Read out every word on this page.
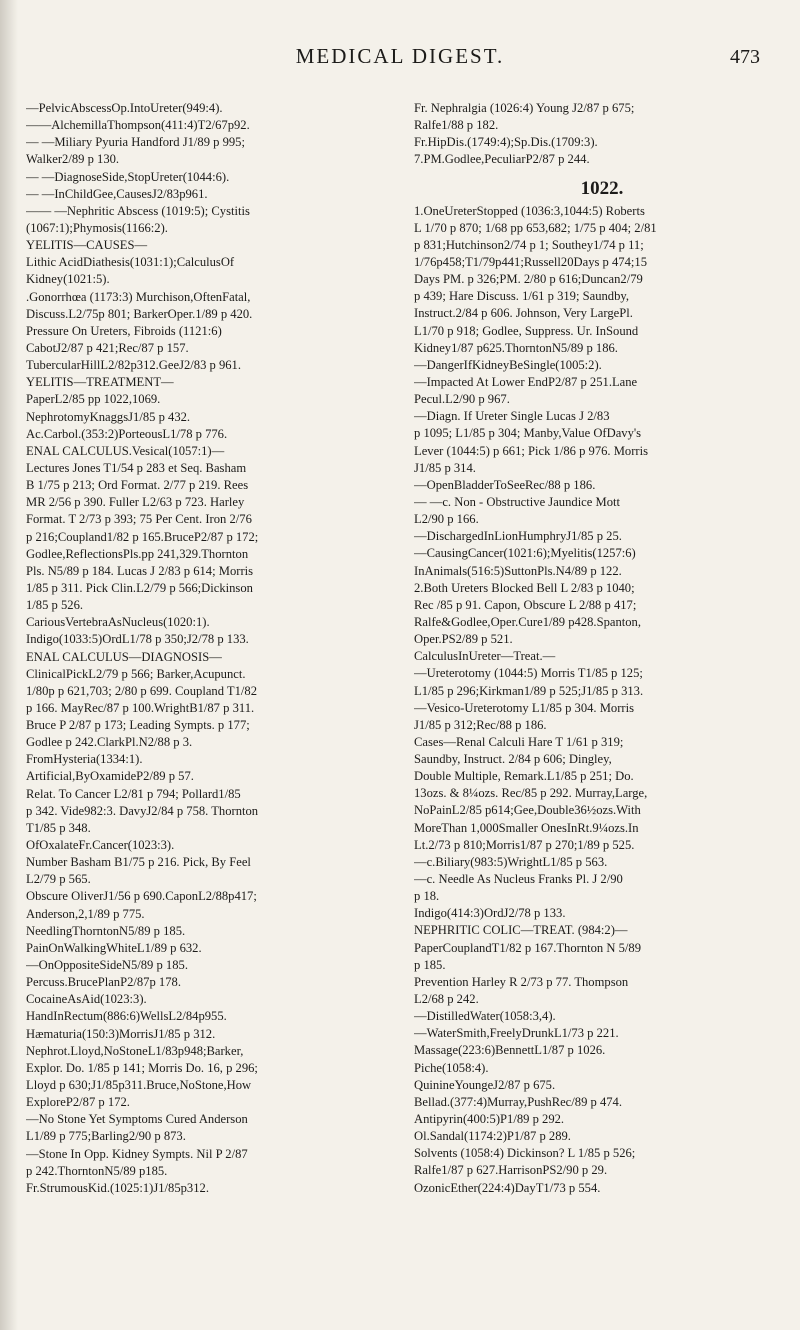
MEDICAL DIGEST.	473
—PelvicAbscessOp.IntoUreter(949:4).
——AlchemillaThompson(411:4)T2/67p92.
— —Miliary Pyuria Handford J1/89 p 995;
Walker2/89 p 130.
— —DiagnoseSide,StopUreter(1044:6).
— —InChildGee,CausesJ2/83p961.
—— —Nephritic Abscess (1019:5); Cystitis
(1067:1);Phymosis(1166:2).
YELITIS—CAUSES—
Lithic AcidDiathesis(1031:1);CalculusOf
Kidney(1021:5).
.Gonorrhœa (1173:3) Murchison,OftenFatal,
Discuss.L2/75p 801; BarkerOper.1/89 p 420.
Pressure On Ureters, Fibroids (1121:6)
CabotJ2/87 p 421;Rec/87 p 157.
TubercularHillL2/82p312.GeeJ2/83 p 961.
YELITIS—TREATMENT—
PaperL2/85 pp 1022,1069.
NephrotomyKnaggsJ1/85 p 432.
Ac.Carbol.(353:2)PorteousL1/78 p 776.
ENAL CALCULUS.Vesical(1057:1)—
Lectures Jones T1/54 p 283 et Seq. Basham
B 1/75 p 213; Ord Format. 2/77 p 219. Rees
MR 2/56 p 390. Fuller L2/63 p 723. Harley
Format. T 2/73 p 393; 75 Per Cent. Iron 2/76
p 216;Coupland1/82 p 165.BruceP2/87 p 172;
Godlee,ReflectionsPls.pp 241,329.Thornton
Pls. N5/89 p 184. Lucas J 2/83 p 614; Morris
1/85 p 311. Pick Clin.L2/79 p 566;Dickinson
1/85 p 526.
CariousVertebraAsNucleus(1020:1).
Indigo(1033:5)OrdL1/78 p 350;J2/78 p 133.
ENAL CALCULUS—DIAGNOSIS—
ClinicalPickL2/79 p 566; Barker,Acupunct.
1/80p p 621,703; 2/80 p 699. Coupland T1/82
p 166. MayRec/87 p 100.WrightB1/87 p 311.
Bruce P 2/87 p 173; Leading Sympts. p 177;
Godlee p 242.ClarkPl.N2/88 p 3.
FromHysteria(1334:1).
Artificial,ByOxamideP2/89 p 57.
Relat. To Cancer L2/81 p 794; Pollard1/85
p 342. Vide982:3. DavyJ2/84 p 758. Thornton
T1/85 p 348.
OfOxalateFr.Cancer(1023:3).
Number Basham B1/75 p 216. Pick, By Feel
L2/79 p 565.
Obscure OliverJ1/56 p 690.CaponL2/88p417;
Anderson,2,1/89 p 775.
NeedlingThorntonN5/89 p 185.
PainOnWalkingWhiteL1/89 p 632.
—OnOppositeSideN5/89 p 185.
Percuss.BrucePlanP2/87p 178.
CocaineAsAid(1023:3).
HandInRectum(886:6)WellsL2/84p955.
Hæmaturia(150:3)MorrisJ1/85 p 312.
Nephrot.Lloyd,NoStoneL1/83p948;Barker,
Explor. Do. 1/85 p 141; Morris Do. 16, p 296;
Lloyd p 630;J1/85p311.Bruce,NoStone,How
ExploreP2/87 p 172.
—No Stone Yet Symptoms Cured Anderson
L1/89 p 775;Barling2/90 p 873.
—Stone In Opp. Kidney Sympts. Nil P 2/87
p 242.ThorntonN5/89 p185.
Fr.StrumousKid.(1025:1)J1/85p312.
Fr. Nephralgia (1026:4) Young J2/87 p 675;
Ralfe1/88 p 182.
Fr.HipDis.(1749:4);Sp.Dis.(1709:3).
7.PM.Godlee,PeculiarP2/87 p 244.
1022.
1.OneUreterStopped (1036:3,1044:5) Roberts
L 1/70 p 870; 1/68 pp 653,682; 1/75 p 404; 2/81
p 831;Hutchinson2/74 p 1; Southey1/74 p 11;
1/76p458;T1/79p441;Russell20Days p 474;15
Days PM. p 326;PM. 2/80 p 616;Duncan2/79
p 439; Hare Discuss. 1/61 p 319; Saundby,
Instruct.2/84 p 606. Johnson, Very LargePl.
L1/70 p 918; Godlee, Suppress. Ur. InSound
Kidney1/87 p625.ThorntonN5/89 p 186.
—DangerIfKidneyBeSingle(1005:2).
—Impacted At Lower EndP2/87 p 251.Lane
Pecul.L2/90 p 967.
—Diagn. If Ureter Single Lucas J 2/83
p 1095; L1/85 p 304; Manby,Value OfDavy's
Lever (1044:5) p 661; Pick 1/86 p 976. Morris
J1/85 p 314.
—OpenBladderToSeeRec/88 p 186.
— —c. Non - Obstructive Jaundice Mott
L2/90 p 166.
—DischargedInLionHumphryJ1/85 p 25.
—CausingCancer(1021:6);Myelitis(1257:6)
InAnimals(516:5)SuttonPls.N4/89 p 122.
2.Both Ureters Blocked Bell L 2/83 p 1040;
Rec /85 p 91. Capon, Obscure L 2/88 p 417;
Ralfe&Godlee,Oper.Cure1/89 p428.Spanton,
Oper.PS2/89 p 521.
CalculusInUreter—Treat.—
—Ureterotomy (1044:5) Morris T1/85 p 125;
L1/85 p 296;Kirkman1/89 p 525;J1/85 p 313.
—Vesico-Ureterotomy L1/85 p 304. Morris
J1/85 p 312;Rec/88 p 186.
Cases—Renal Calculi Hare T 1/61 p 319;
Saundby, Instruct. 2/84 p 606; Dingley,
Double Multiple, Remark.L1/85 p 251; Do.
13ozs. & 8¼ozs. Rec/85 p 292. Murray,Large,
NoPainL2/85 p614;Gee,Double36½ozs.With
MoreThan 1,000Smaller OnesInRt.9¼ozs.In
Lt.2/73 p 810;Morris1/87 p 270;1/89 p 525.
—c.Biliary(983:5)WrightL1/85 p 563.
—c. Needle As Nucleus Franks Pl. J 2/90
p 18.
Indigo(414:3)OrdJ2/78 p 133.
NEPHRITIC COLIC—TREAT. (984:2)—
PaperCouplandT1/82 p 167.Thornton N 5/89
p 185.
Prevention Harley R 2/73 p 77. Thompson
L2/68 p 242.
—DistilledWater(1058:3,4).
—WaterSmith,FreelyDrunkL1/73 p 221.
Massage(223:6)BennettL1/87 p 1026.
Piche(1058:4).
QuinineYoungeJ2/87 p 675.
Bellad.(377:4)Murray,PushRec/89 p 474.
Antipyrin(400:5)P1/89 p 292.
Ol.Sandal(1174:2)P1/87 p 289.
Solvents (1058:4) Dickinson? L 1/85 p 526;
Ralfe1/87 p 627.HarrisonPS2/90 p 29.
OzonicEther(224:4)DayT1/73 p 554.
